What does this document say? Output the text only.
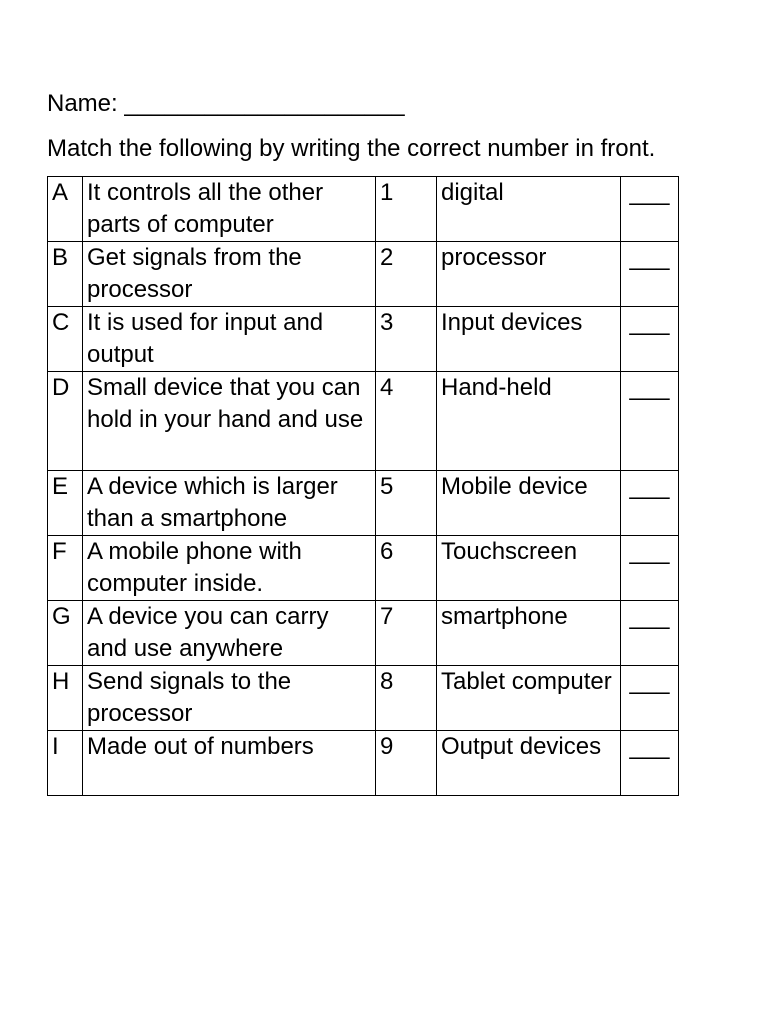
Name: _____________________
Match the following by writing the correct number in front.
A	It controls all the other parts of computer	1	digital	___
B	Get signals from the processor	2	processor	___
C	It is used for input and output	3	Input devices	___
D	Small device that you can hold in your hand and use	4	Hand-held	___
E	A device which is larger than a smartphone	5	Mobile device	___
F	A mobile phone with computer inside.	6	Touchscreen	___
G	A device you can carry and use anywhere	7	smartphone	___
H	Send signals to the processor	8	Tablet computer	___
I	Made out of numbers	9	Output devices	___
